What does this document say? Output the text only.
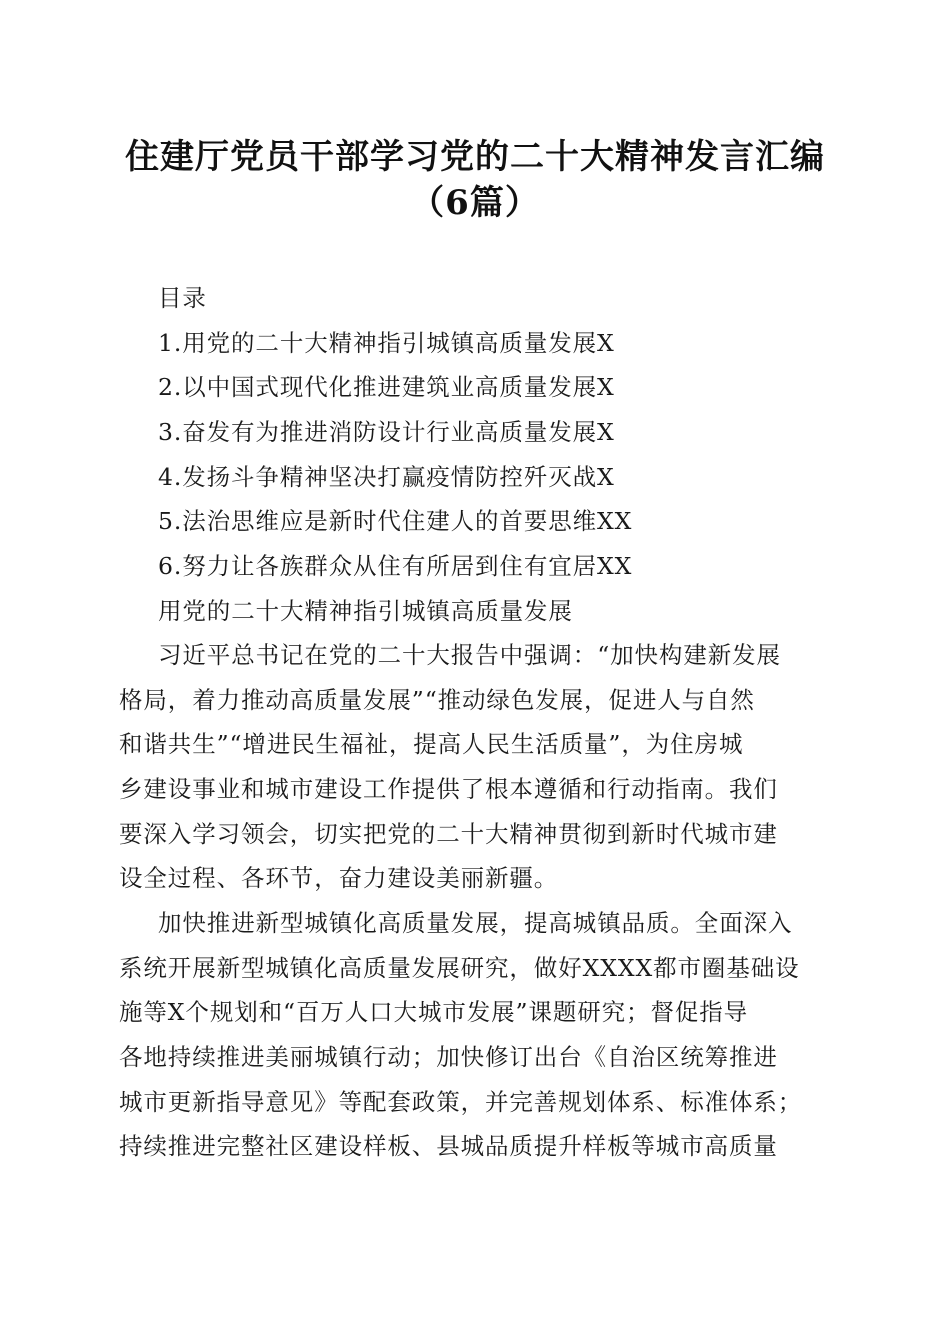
住建厅党员干部学习党的二十大精神发言汇编
（6篇）
目录
1.用党的二十大精神指引城镇高质量发展X
2.以中国式现代化推进建筑业高质量发展X
3.奋发有为推进消防设计行业高质量发展X
4.发扬斗争精神坚决打赢疫情防控歼灭战X
5.法治思维应是新时代住建人的首要思维XX
6.努力让各族群众从住有所居到住有宜居XX
用党的二十大精神指引城镇高质量发展
习近平总书记在党的二十大报告中强调：“加快构建新发展
格局，着力推动高质量发展”“推动绿色发展，促进人与自然
和谐共生”“增进民生福祉，提高人民生活质量”，为住房城
乡建设事业和城市建设工作提供了根本遵循和行动指南。我们
要深入学习领会，切实把党的二十大精神贯彻到新时代城市建
设全过程、各环节，奋力建设美丽新疆。
加快推进新型城镇化高质量发展，提高城镇品质。全面深入
系统开展新型城镇化高质量发展研究，做好XXXX都市圈基础设
施等X个规划和“百万人口大城市发展”课题研究；督促指导
各地持续推进美丽城镇行动；加快修订出台《自治区统筹推进
城市更新指导意见》等配套政策，并完善规划体系、标准体系；
持续推进完整社区建设样板、县城品质提升样板等城市高质量
